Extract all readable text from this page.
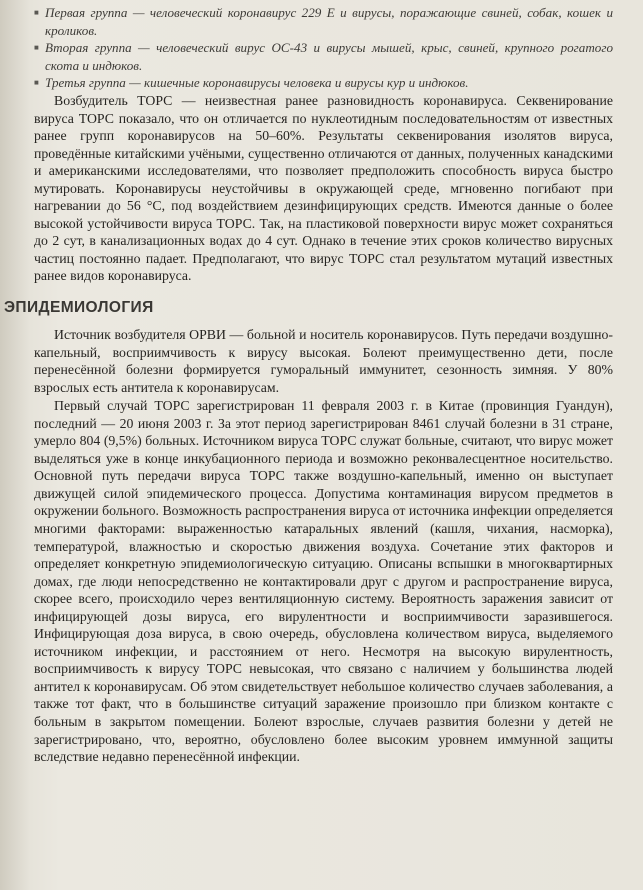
■ Первая группа — человеческий коронавирус 229 E и вирусы, поражающие свиней, собак, кошек и кроликов.
■ Вторая группа — человеческий вирус OC-43 и вирусы мышей, крыс, свиней, крупного рогатого скота и индюков.
■ Третья группа — кишечные коронавирусы человека и вирусы кур и индюков.

Возбудитель ТОРС — неизвестная ранее разновидность коронавируса. Секвенирование вируса ТОРС показало, что он отличается по нуклеотидным последовательностям от известных ранее групп коронавирусов на 50–60%. Результаты секвенирования изолятов вируса, проведённые китайскими учёными, существенно отличаются от данных, полученных канадскими и американскими исследователями, что позволяет предположить способность вируса быстро мутировать. Коронавирусы неустойчивы в окружающей среде, мгновенно погибают при нагревании до 56 °C, под воздействием дезинфицирующих средств. Имеются данные о более высокой устойчивости вируса ТОРС. Так, на пластиковой поверхности вирус может сохраняться до 2 сут, в канализационных водах до 4 сут. Однако в течение этих сроков количество вирусных частиц постоянно падает. Предполагают, что вирус ТОРС стал результатом мутаций известных ранее видов коронавируса.

ЭПИДЕМИОЛОГИЯ

Источник возбудителя ОРВИ — больной и носитель коронавирусов. Путь передачи воздушно-капельный, восприимчивость к вирусу высокая. Болеют преимущественно дети, после перенесённой болезни формируется гуморальный иммунитет, сезонность зимняя. У 80% взрослых есть антитела к коронавирусам.

Первый случай ТОРС зарегистрирован 11 февраля 2003 г. в Китае (провинция Гуандун), последний — 20 июня 2003 г. За этот период зарегистрирован 8461 случай болезни в 31 стране, умерло 804 (9,5%) больных. Источником вируса ТОРС служат больные, считают, что вирус может выделяться уже в конце инкубационного периода и возможно реконвалесцентное носительство. Основной путь передачи вируса ТОРС также воздушно-капельный, именно он выступает движущей силой эпидемического процесса. Допустима контаминация вирусом предметов в окружении больного. Возможность распространения вируса от источника инфекции определяется многими факторами: выраженностью катаральных явлений (кашля, чихания, насморка), температурой, влажностью и скоростью движения воздуха. Сочетание этих факторов и определяет конкретную эпидемиологическую ситуацию. Описаны вспышки в многоквартирных домах, где люди непосредственно не контактировали друг с другом и распространение вируса, скорее всего, происходило через вентиляционную систему. Вероятность заражения зависит от инфицирующей дозы вируса, его вирулентности и восприимчивости заразившегося. Инфицирующая доза вируса, в свою очередь, обусловлена количеством вируса, выделяемого источником инфекции, и расстоянием от него. Несмотря на высокую вирулентность, восприимчивость к вирусу ТОРС невысокая, что связано с наличием у большинства людей антител к коронавирусам. Об этом свидетельствует небольшое количество случаев заболевания, а также тот факт, что в большинстве ситуаций заражение произошло при близком контакте с больным в закрытом помещении. Болеют взрослые, случаев развития болезни у детей не зарегистрировано, что, вероятно, обусловлено более высоким уровнем иммунной защиты вследствие недавно перенесённой инфекции.
